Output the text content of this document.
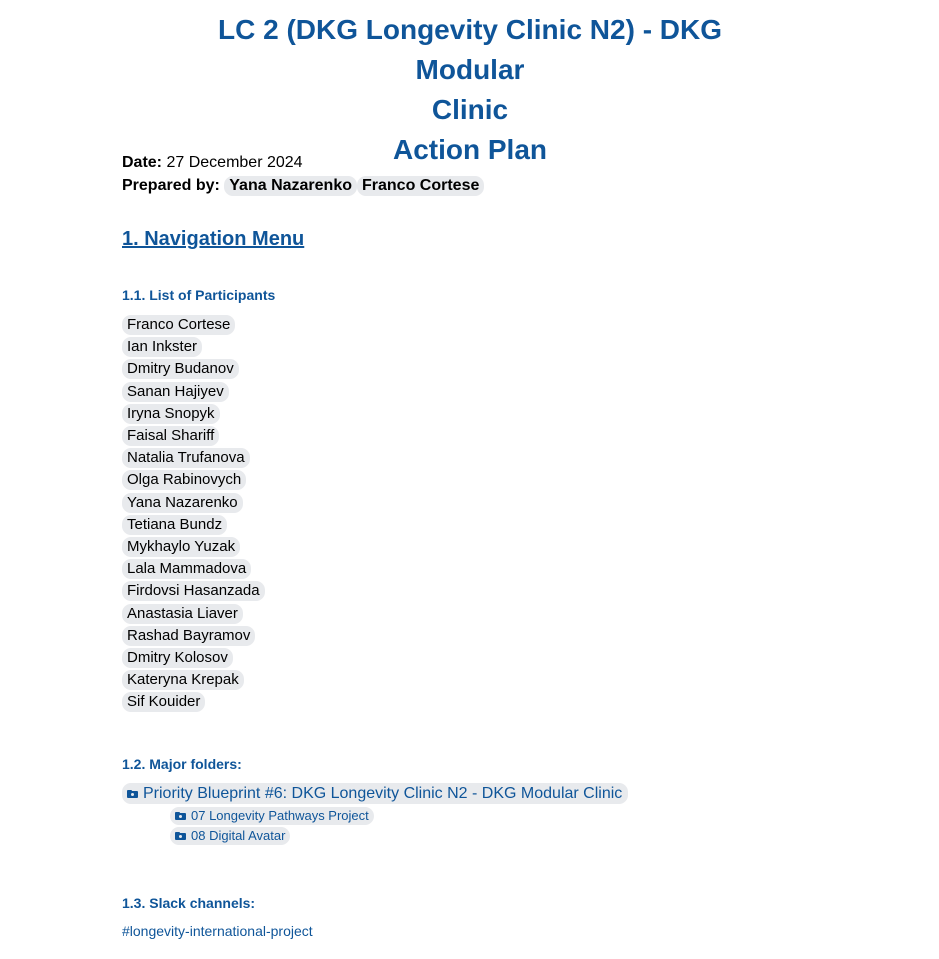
LC 2 (DKG Longevity Clinic N2) - DKG Modular
Clinic
Action Plan
Date: 27 December 2024
Prepared by: Yana Nazarenko Franco Cortese
1. Navigation Menu
1.1. List of Participants
Franco Cortese
Ian Inkster
Dmitry Budanov
Sanan Hajiyev
Iryna Snopyk
Faisal Shariff
Natalia Trufanova
Olga Rabinovych
Yana Nazarenko
Tetiana Bundz
Mykhaylo Yuzak
Lala Mammadova
Firdovsi Hasanzada
Anastasia Liaver
Rashad Bayramov
Dmitry Kolosov
Kateryna Krepak
Sif Kouider
1.2. Major folders:
Priority Blueprint #6: DKG Longevity Clinic N2 - DKG Modular Clinic
07 Longevity Pathways Project
08 Digital Avatar
1.3. Slack channels:
#longevity-international-project
